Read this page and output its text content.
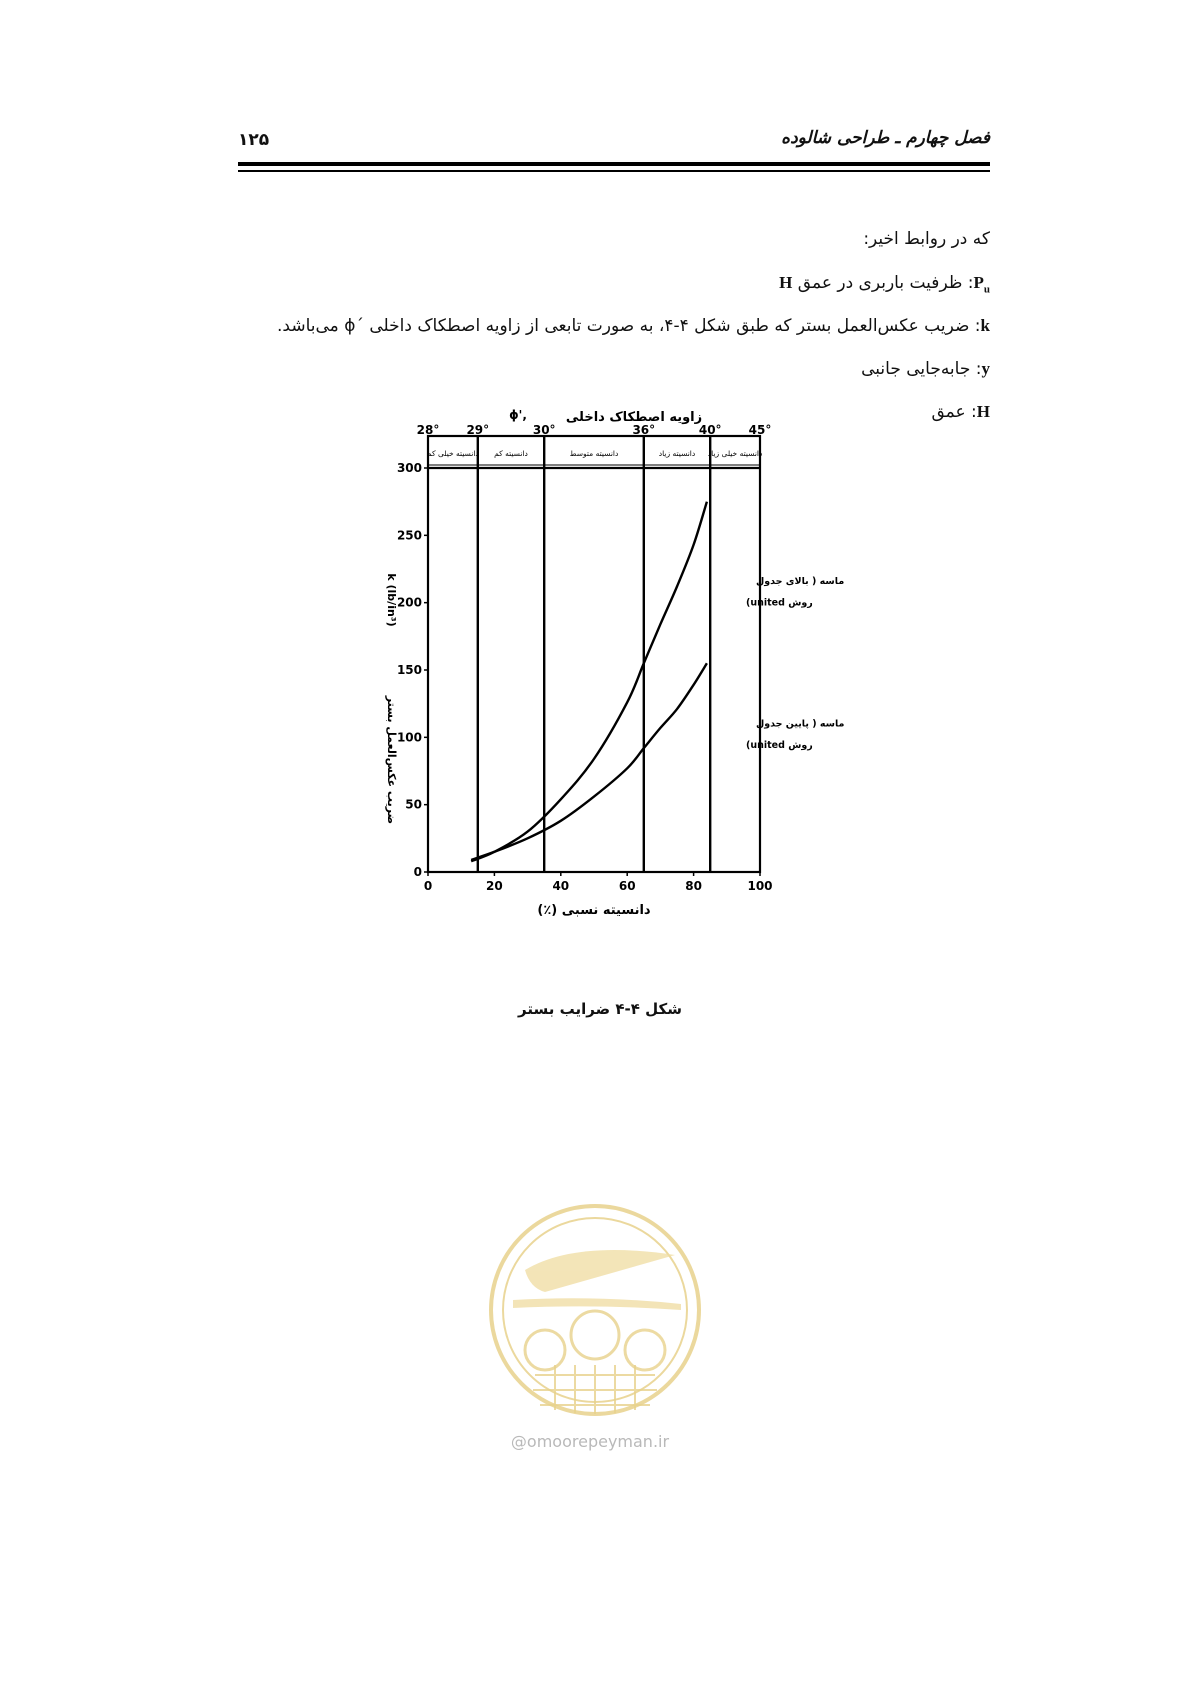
۱۲۵	فصل چهارم ـ طراحی شالوده

که در روابط اخیر:

$P_u$: ظرفیت باربری در عمق H

k: ضریب عکس‌العمل بستر که طبق شکل ۴-۴، به صورت تابعی از زاویه اصطکاک داخلی ´ϕ می‌باشد.

y: جابه‌جایی جانبی

H: عمق

28° 29°	30°	36°	40° 45°
دانسیته خیلی کم دانسیته کم	دانسیته متوسط	دانسیته زیاد دانسیته خیلی زیاد
زاویه اصطکاک داخلی
ϕ',
0
50
100
150
200
250
300
0	20	40	60	80	100
دانسیته نسبی (٪)
ضریب عکس‌العمل بستر
k (lb/in³)	ماسه ( بالای جدول
روش united)
ماسه ( پایین جدول
روش united)
شکل ۴-۴ ضرایب بستر
@omoorepeyman.ir
